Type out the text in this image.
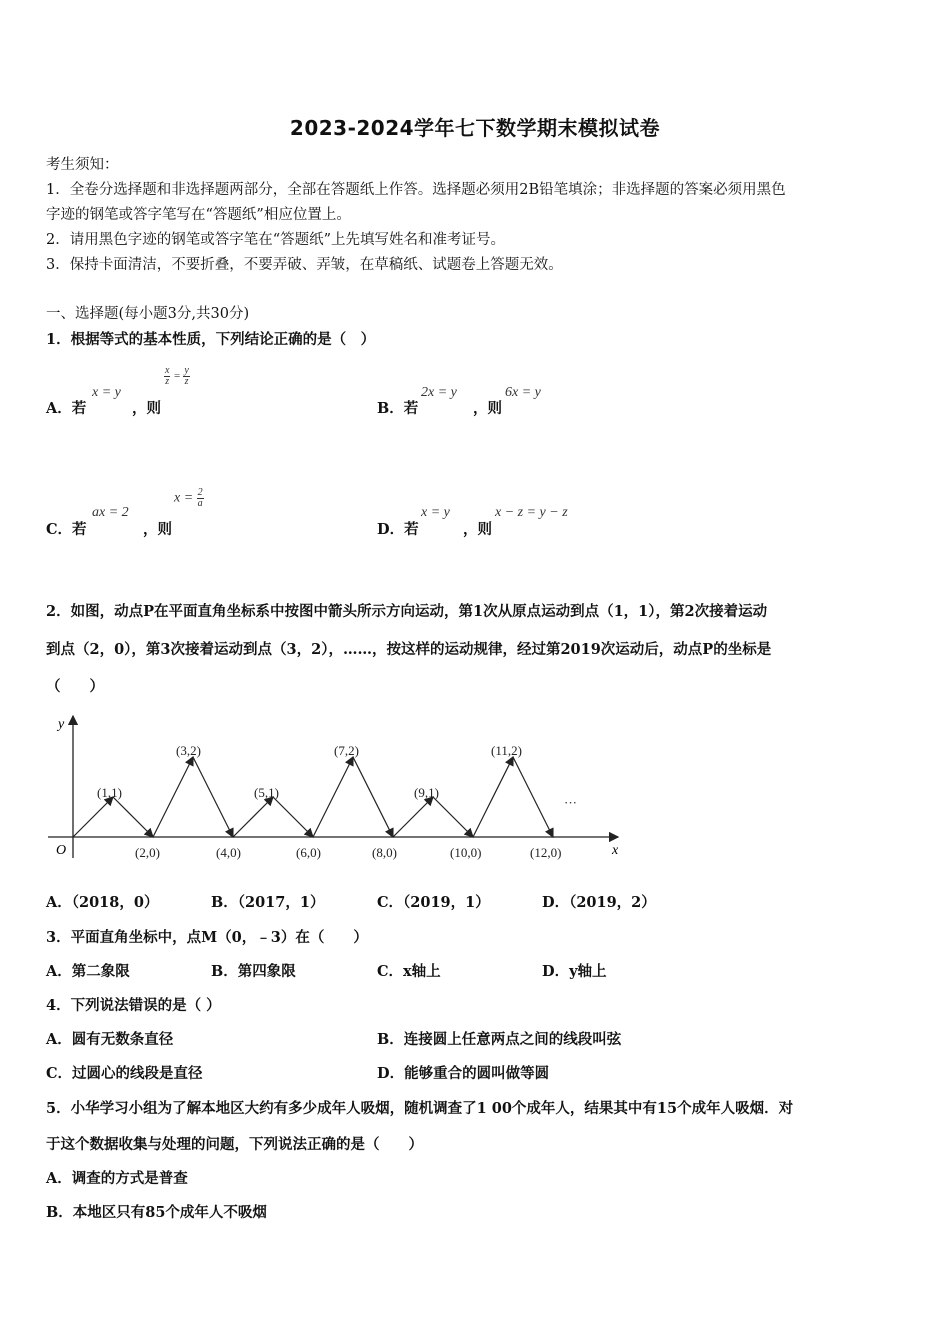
2023-2024学年七下数学期末模拟试卷
考生须知：
1．全卷分选择题和非选择题两部分，全部在答题纸上作答。选择题必须用2B铅笔填涂；非选择题的答案必须用黑色
字迹的钢笔或答字笔写在“答题纸”相应位置上。
2．请用黑色字迹的钢笔或答字笔在“答题纸”上先填写姓名和准考证号。
3．保持卡面清洁，不要折叠，不要弄破、弄皱，在草稿纸、试题卷上答题无效。
一、选择题(每小题3分,共30分)
1．根据等式的基本性质，下列结论正确的是（　）
A．若
x = y
，则
$\frac{x}{z} = \frac{y}{z}$
B．若
2x = y
，则
6x = y
C．若
ax = 2
，则
$x = \frac{2}{a}$
D．若
x = y
，则
x − z = y − z
2．如图，动点P在平面直角坐标系中按图中箭头所示方向运动，第1次从原点运动到点（1，1），第2次接着运动
到点（2，0），第3次接着运动到点（3，2），……，按这样的运动规律，经过第2019次运动后，动点P的坐标是
（　　）
y
x
O
(1,1)
(3,2)
(5,1)
(7,2)
(9,1)
(11,2)
···
(2,0)	(4,0)	(6,0)	(8,0)	(10,0)	(12,0)
A．（2018，0）	B．（2017，1）	C．（2019，1）	D．（2019，2）
3．平面直角坐标中，点M（0，﹣3）在（　　）
A．第二象限	B．第四象限	C．x轴上	D．y轴上
4．下列说法错误的是（ ）
A．圆有无数条直径	B．连接圆上任意两点之间的线段叫弦
C．过圆心的线段是直径	D．能够重合的圆叫做等圆
5．小华学习小组为了解本地区大约有多少成年人吸烟，随机调查了1 00个成年人，结果其中有15个成年人吸烟．对
于这个数据收集与处理的问题，下列说法正确的是（　　）
A．调查的方式是普查
B．本地区只有85个成年人不吸烟
